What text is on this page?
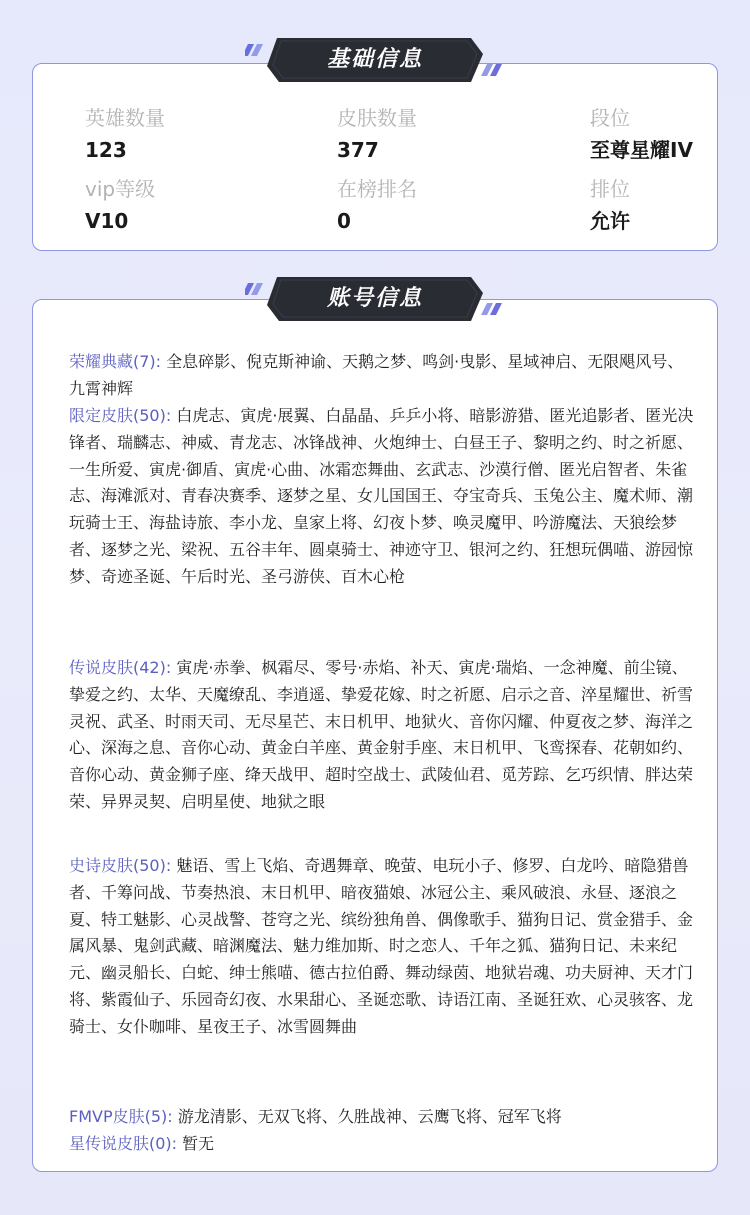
英雄数量
123
皮肤数量
377
段位
至尊星耀IV
vip等级
V10
在榜排名
0
排位
允许
基础信息
账号信息
荣耀典藏(7): 全息碎影、倪克斯神谕、天鹅之梦、鸣剑·曳影、星域神启、无限飓风号、九霄神辉
限定皮肤(50): 白虎志、寅虎·展翼、白晶晶、乒乒小将、暗影游猎、匿光追影者、匿光决锋者、瑞麟志、神威、青龙志、冰锋战神、火炮绅士、白昼王子、黎明之约、时之祈愿、一生所爱、寅虎·御盾、寅虎·心曲、冰霜恋舞曲、玄武志、沙漠行僧、匿光启智者、朱雀志、海滩派对、青春决赛季、逐梦之星、女儿国国王、夺宝奇兵、玉兔公主、魔术师、潮玩骑士王、海盐诗旅、李小龙、皇家上将、幻夜卜梦、唤灵魔甲、吟游魔法、天狼绘梦者、逐梦之光、梁祝、五谷丰年、圆桌骑士、神迹守卫、银河之约、狂想玩偶喵、游园惊梦、奇迹圣诞、午后时光、圣弓游侠、百木心枪
传说皮肤(42): 寅虎·赤拳、枫霜尽、零号·赤焰、补天、寅虎·瑞焰、一念神魔、前尘镜、挚爱之约、太华、天魔缭乱、李逍遥、挚爱花嫁、时之祈愿、启示之音、淬星耀世、祈雪灵祝、武圣、时雨天司、无尽星芒、末日机甲、地狱火、音你闪耀、仲夏夜之梦、海洋之心、深海之息、音你心动、黄金白羊座、黄金射手座、末日机甲、飞鸾探春、花朝如约、音你心动、黄金狮子座、绛天战甲、超时空战士、武陵仙君、觅芳踪、乞巧织情、胖达荣荣、异界灵契、启明星使、地狱之眼
史诗皮肤(50): 魅语、雪上飞焰、奇遇舞章、晚萤、电玩小子、修罗、白龙吟、暗隐猎兽者、千筹问战、节奏热浪、末日机甲、暗夜猫娘、冰冠公主、乘风破浪、永昼、逐浪之夏、特工魅影、心灵战警、苍穹之光、缤纷独角兽、偶像歌手、猫狗日记、赏金猎手、金属风暴、鬼剑武藏、暗渊魔法、魅力维加斯、时之恋人、千年之狐、猫狗日记、未来纪元、幽灵船长、白蛇、绅士熊喵、德古拉伯爵、舞动绿茵、地狱岩魂、功夫厨神、天才门将、紫霞仙子、乐园奇幻夜、水果甜心、圣诞恋歌、诗语江南、圣诞狂欢、心灵骇客、龙骑士、女仆咖啡、星夜王子、冰雪圆舞曲
FMVP皮肤(5): 游龙清影、无双飞将、久胜战神、云鹰飞将、冠军飞将
星传说皮肤(0): 暂无
